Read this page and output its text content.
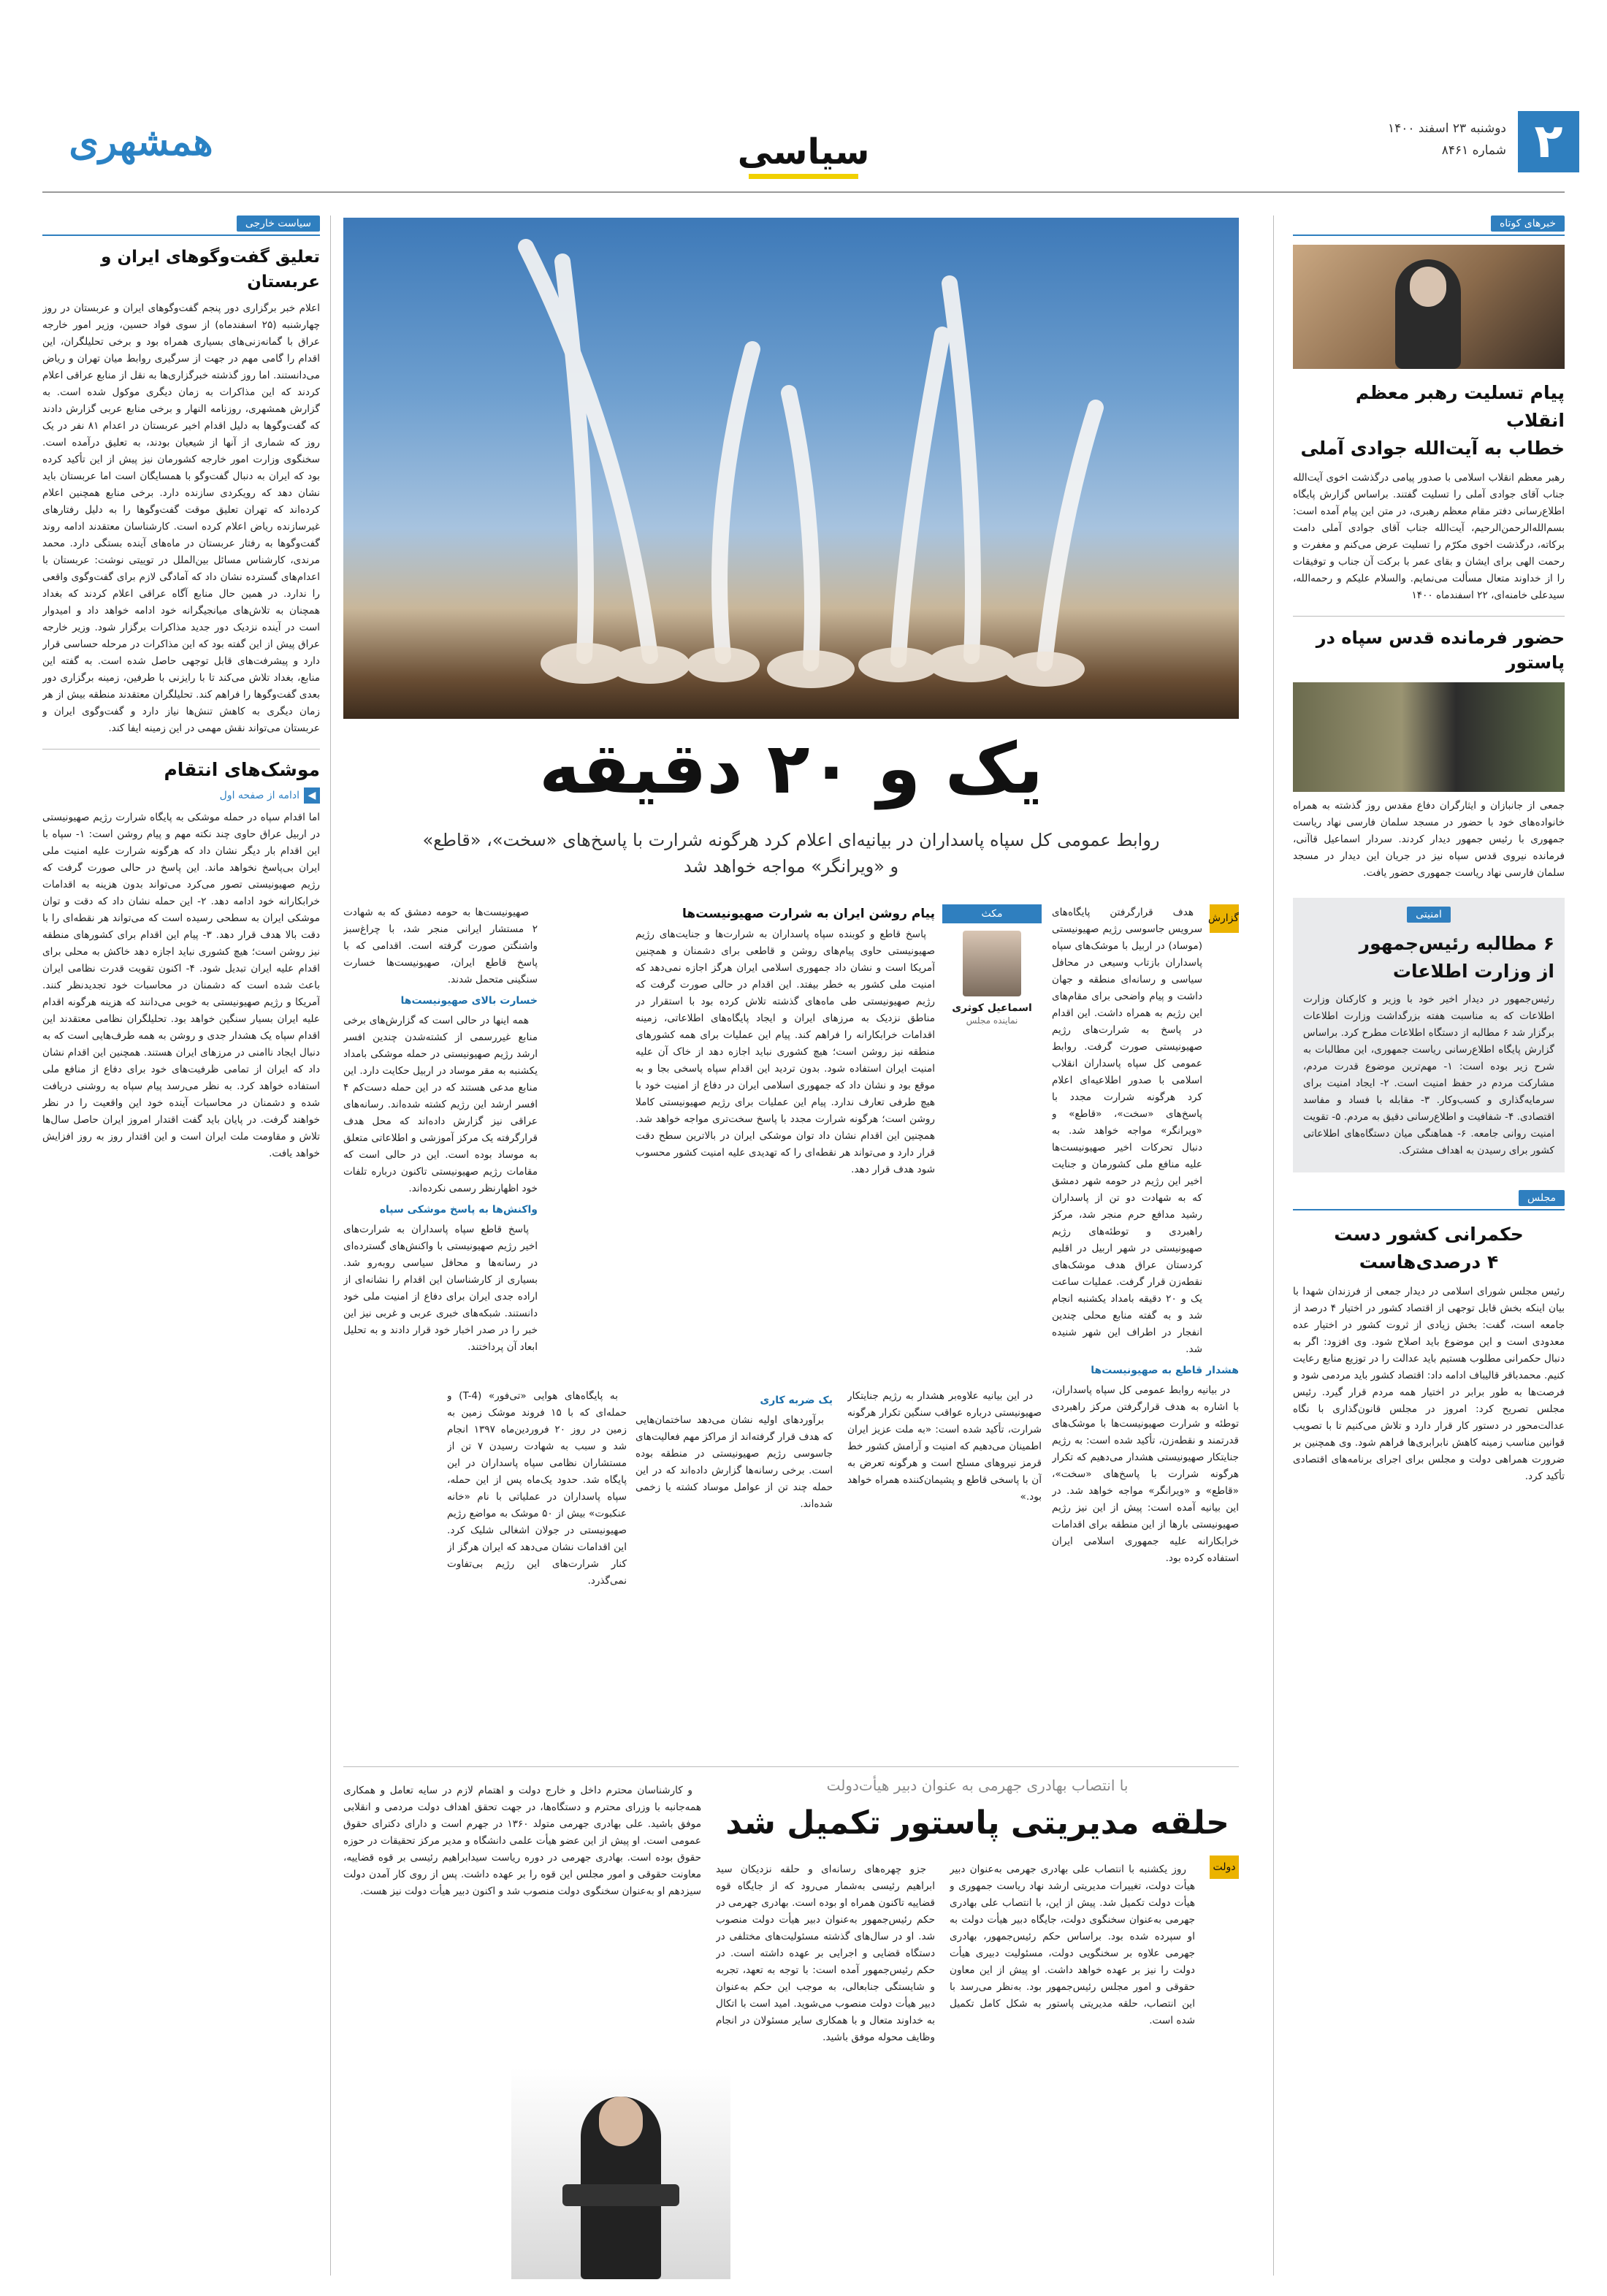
۲
دوشنبه ۲۳ اسفند ۱۴۰۰
شماره ۸۴۶۱
سیاسی
همشهری
خبرهای کوتاه
پیام تسلیت رهبر معظم انقلاب
خطاب به آیت‌الله جوادی آملی
رهبر معظم انقلاب اسلامی با صدور پیامی درگذشت اخوی آیت‌الله جناب آقای جوادی آملی را تسلیت گفتند. براساس گزارش پایگاه اطلاع‌رسانی دفتر مقام معظم رهبری، در متن این پیام آمده است: بسم‌الله‌الرحمن‌الرحیم، آیت‌الله جناب آقای جوادی آملی دامت برکاته، درگذشت اخوی مکرّم را تسلیت عرض می‌کنم و مغفرت و رحمت الهی برای ایشان و بقای عمر با برکت آن جناب و توفیقات را از خداوند متعال مسألت می‌نمایم. والسلام علیکم و رحمه‌الله، سیدعلی خامنه‌ای، ۲۲ اسفندماه ۱۴۰۰
حضور فرمانده قدس سپاه در پاستور
جمعی از جانبازان و ایثارگران دفاع مقدس روز گذشته به همراه خانواده‌های خود با حضور در مسجد سلمان فارسی نهاد ریاست جمهوری با رئیس جمهور دیدار کردند. سردار اسماعیل قاآنی، فرمانده نیروی قدس سپاه نیز در جریان این دیدار در مسجد سلمان فارسی نهاد ریاست جمهوری حضور یافت.
امنیتی
۶ مطالبه رئیس‌جمهور
از وزارت اطلاعات
رئیس‌جمهور در دیدار اخیر خود با وزیر و کارکنان وزارت اطلاعات که به مناسبت هفته بزرگداشت وزارت اطلاعات برگزار شد ۶ مطالبه از دستگاه اطلاعات مطرح کرد. براساس گزارش پایگاه اطلاع‌رسانی ریاست جمهوری، این مطالبات به شرح زیر بوده است: ۱- مهم‌ترین موضوع قدرت مردم، مشارکت مردم در حفظ امنیت است. ۲- ایجاد امنیت برای سرمایه‌گذاری و کسب‌وکار. ۳- مقابله با فساد و مفاسد اقتصادی. ۴- شفافیت و اطلاع‌رسانی دقیق به مردم. ۵- تقویت امنیت روانی جامعه. ۶- هماهنگی میان دستگاه‌های اطلاعاتی کشور برای رسیدن به اهداف مشترک.
مجلس
حکمرانی کشور دست
۴ درصدی‌هاست
رئیس مجلس شورای اسلامی در دیدار جمعی از فرزندان شهدا با بیان اینکه بخش قابل توجهی از اقتصاد کشور در اختیار ۴ درصد از جامعه است، گفت: بخش زیادی از ثروت کشور در اختیار عده معدودی است و این موضوع باید اصلاح شود. وی افزود: اگر به دنبال حکمرانی مطلوب هستیم باید عدالت را در توزیع منابع رعایت کنیم. محمدباقر قالیباف ادامه داد: اقتصاد کشور باید مردمی شود و فرصت‌ها به طور برابر در اختیار همه مردم قرار گیرد. رئیس مجلس تصریح کرد: امروز در مجلس قانون‌گذاری با نگاه عدالت‌محور در دستور کار قرار دارد و تلاش می‌کنیم تا با تصویب قوانین مناسب زمینه کاهش نابرابری‌ها فراهم شود. وی همچنین بر ضرورت همراهی دولت و مجلس برای اجرای برنامه‌های اقتصادی تأکید کرد.
یک و ۲۰ دقیقه
روابط عمومی کل سپاه پاسداران در بیانیه‌ای اعلام کرد هرگونه شرارت با پاسخ‌های «سخت»، «قاطع»
و «ویرانگر» مواجه خواهد شد
گزارش

هدف قرارگرفتن پایگاه‌های سرویس جاسوسی رژیم صهیونیستی (موساد) در اربیل با موشک‌های سپاه پاسداران بازتاب وسیعی در محافل سیاسی و رسانه‌ای منطقه و جهان داشت و پیام واضحی برای مقام‌های این رژیم به همراه داشت. این اقدام در پاسخ به شرارت‌های رژیم صهیونیستی صورت گرفت. روابط عمومی کل سپاه پاسداران انقلاب اسلامی با صدور اطلاعیه‌ای اعلام کرد هرگونه شرارت مجدد با پاسخ‌های «سخت»، «قاطع» و «ویرانگر» مواجه خواهد شد. به دنبال تحرکات اخیر صهیونیست‌ها علیه منافع ملی کشورمان و جنایت اخیر این رژیم در حومه شهر دمشق که به شهادت دو تن از پاسداران رشید مدافع حرم منجر شد، مرکز راهبردی و توطئه‌های رژیم صهیونیستی در شهر اربیل در اقلیم کردستان عراق هدف موشک‌های نقطه‌زن قرار گرفت. عملیات ساعت یک و ۲۰ دقیقه بامداد یکشنبه انجام شد و به گفته منابع محلی چندین انفجار در اطراف این شهر شنیده شد.

هشدار قاطع به صهیونیست‌ها

در بیانیه روابط عمومی کل سپاه پاسداران، با اشاره به هدف قرارگرفتن مرکز راهبردی توطئه و شرارت صهیونیست‌ها با موشک‌های قدرتمند و نقطه‌زن، تأکید شده است: به رژیم جنایتکار صهیونیستی هشدار می‌دهیم که تکرار هرگونه شرارت با پاسخ‌های «سخت»، «قاطع» و «ویرانگر» مواجه خواهد شد. در این بیانیه آمده است: پیش از این نیز رژیم صهیونیستی بارها از این منطقه برای اقدامات خرابکارانه علیه جمهوری اسلامی ایران استفاده کرده بود.

در این بیانیه علاوه‌بر هشدار به رژیم جنایتکار صهیونیستی درباره عواقب سنگین تکرار هرگونه شرارت، تأکید شده است: «به ملت عزیز ایران اطمینان می‌دهیم که امنیت و آرامش کشور خط قرمز نیروهای مسلح است و هرگونه تعرض به آن با پاسخی قاطع و پشیمان‌کننده همراه خواهد بود.»

مکث
اسماعیل کوثری
نماینده مجلس
پیام روشن ایران به شرارت صهیونیست‌ها

پاسخ قاطع و کوبنده سپاه پاسداران به شرارت‌ها و جنایت‌های رژیم صهیونیستی حاوی پیام‌های روشن و قاطعی برای دشمنان و همچنین آمریکا است و نشان داد جمهوری اسلامی ایران هرگز اجازه نمی‌دهد که امنیت ملی کشور به خطر بیفتد. این اقدام در حالی صورت گرفت که رژیم صهیونیستی طی ماه‌های گذشته تلاش کرده بود با استقرار در مناطق نزدیک به مرزهای ایران و ایجاد پایگاه‌های اطلاعاتی، زمینه اقدامات خرابکارانه را فراهم کند. پیام این عملیات برای همه کشورهای منطقه نیز روشن است؛ هیچ کشوری نباید اجازه دهد از خاک آن علیه امنیت ایران استفاده شود. بدون تردید این اقدام سپاه پاسخی بجا و به موقع بود و نشان داد که جمهوری اسلامی ایران در دفاع از امنیت خود با هیچ طرفی تعارف ندارد. پیام این عملیات برای رژیم صهیونیستی کاملا روشن است؛ هرگونه شرارت مجدد با پاسخ سخت‌تری مواجه خواهد شد. همچنین این اقدام نشان داد توان موشکی ایران در بالاترین سطح دقت قرار دارد و می‌تواند هر نقطه‌ای را که تهدیدی علیه امنیت کشور محسوب شود هدف قرار دهد.

یک ضربه کاری

برآوردهای اولیه نشان می‌دهد ساختمان‌هایی که هدف قرار گرفته‌اند از مراکز مهم فعالیت‌های جاسوسی رژیم صهیونیستی در منطقه بوده است. برخی رسانه‌ها گزارش داده‌اند که در این حمله چند تن از عوامل موساد کشته یا زخمی شده‌اند.

به پایگاه‌های هوایی «تی‌فور» (T-4) و حمله‌ای که با ۱۵ فروند موشک زمین به زمین در روز ۲۰ فروردین‌ماه ۱۳۹۷ انجام شد و سبب به شهادت رسیدن ۷ تن از مستشاران نظامی سپاه پاسداران در این پایگاه شد. حدود یک‌ماه پس از این حمله، سپاه پاسداران در عملیاتی با نام «خانه عنکبوت» بیش از ۵۰ موشک به مواضع رژیم صهیونیستی در جولان اشغالی شلیک کرد. این اقدامات نشان می‌دهد که ایران هرگز از کنار شرارت‌های این رژیم بی‌تفاوت نمی‌گذرد.

صهیونیست‌ها به حومه دمشق که به شهادت ۲ مستشار ایرانی منجر شد، با چراغ‌سبز واشنگتن صورت گرفته است. اقدامی که با پاسخ قاطع ایران، صهیونیست‌ها خسارت سنگینی متحمل شدند.

خسارت بالای صهیونیست‌ها

همه اینها در حالی است که گزارش‌های برخی منابع غیررسمی از کشته‌شدن چندین افسر ارشد رژیم صهیونیستی در حمله موشکی بامداد یکشنبه به مقر موساد در اربیل حکایت دارد. این منابع مدعی هستند که در این حمله دست‌کم ۴ افسر ارشد این رژیم کشته شده‌اند. رسانه‌های عراقی نیز گزارش داده‌اند که محل هدف قرارگرفته یک مرکز آموزشی و اطلاعاتی متعلق به موساد بوده است. این در حالی است که مقامات رژیم صهیونیستی تاکنون درباره تلفات خود اظهارنظر رسمی نکرده‌اند.

واکنش‌ها به پاسخ موشکی سپاه

پاسخ قاطع سپاه پاسداران به شرارت‌های اخیر رژیم صهیونیستی با واکنش‌های گسترده‌ای در رسانه‌ها و محافل سیاسی روبه‌رو شد. بسیاری از کارشناسان این اقدام را نشانه‌ای از اراده جدی ایران برای دفاع از امنیت ملی خود دانستند. شبکه‌های خبری عربی و غربی نیز این خبر را در صدر اخبار خود قرار دادند و به تحلیل ابعاد آن پرداختند.

دولت
با انتصاب بهادری جهرمی به عنوان دبیر هیأت‌دولت
حلقه مدیریتی پاستور تکمیل شد

روز یکشنبه با انتصاب علی بهادری جهرمی به‌عنوان دبیر هیأت دولت، تغییرات مدیریتی ارشد نهاد ریاست جمهوری و هیأت دولت تکمیل شد. پیش از این، با انتصاب علی بهادری جهرمی به‌عنوان سخنگوی دولت، جایگاه دبیر هیأت دولت به او سپرده شده بود. براساس حکم رئیس‌جمهور، بهادری جهرمی علاوه بر سخنگویی دولت، مسئولیت دبیری هیأت دولت را نیز بر عهده خواهد داشت. او پیش از این معاون حقوقی و امور مجلس رئیس‌جمهور بود. به‌نظر می‌رسد با این انتصاب، حلقه مدیریتی پاستور به شکل کامل تکمیل شده است.

جزو چهره‌های رسانه‌ای و حلقه نزدیکان سید ابراهیم رئیسی به‌شمار می‌رود که از جایگاه قوه قضاییه تاکنون همراه او بوده است. بهادری جهرمی در حکم رئیس‌جمهور به‌عنوان دبیر هیأت دولت منصوب شد. او در سال‌های گذشته مسئولیت‌های مختلفی در دستگاه قضایی و اجرایی بر عهده داشته است. در حکم رئیس‌جمهور آمده است: با توجه به تعهد، تجربه و شایستگی جنابعالی، به موجب این حکم به‌عنوان دبیر هیأت دولت منصوب می‌شوید. امید است با اتکال به خداوند متعال و با همکاری سایر مسئولان در انجام وظایف محوله موفق باشید.

و کارشناسان محترم داخل و خارج دولت و اهتمام لازم در سایه تعامل و همکاری همه‌جانبه با وزرای محترم و دستگاه‌ها، در جهت تحقق اهداف دولت مردمی و انقلابی موفق باشید. علی بهادری جهرمی متولد ۱۳۶۰ در جهرم است و دارای دکترای حقوق عمومی است. او پیش از این عضو هیأت علمی دانشگاه و مدیر مرکز تحقیقات در حوزه حقوق بوده است. بهادری جهرمی در دوره ریاست سیدابراهیم رئیسی بر قوه قضاییه، معاونت حقوقی و امور مجلس این قوه را بر عهده داشت. پس از روی کار آمدن دولت سیزدهم او به‌عنوان سخنگوی دولت منصوب شد و اکنون دبیر هیأت دولت نیز هست.

سیاست خارجی
تعلیق گفت‌وگوهای ایران و عربستان
اعلام خبر برگزاری دور پنجم گفت‌وگوهای ایران و عربستان در روز چهارشنبه (۲۵ اسفندماه) از سوی فواد حسین، وزیر امور خارجه عراق با گمانه‌زنی‌های بسیاری همراه بود و برخی تحلیلگران، این اقدام را گامی مهم در جهت از سرگیری روابط میان تهران و ریاض می‌دانستند. اما روز گذشته خبرگزاری‌ها به نقل از منابع عراقی اعلام کردند که این مذاکرات به زمان دیگری موکول شده است. به گزارش همشهری، روزنامه النهار و برخی منابع عربی گزارش دادند که گفت‌وگوها به دلیل اقدام اخیر عربستان در اعدام ۸۱ نفر در یک روز که شماری از آنها از شیعیان بودند، به تعلیق درآمده است. سخنگوی وزارت امور خارجه کشورمان نیز پیش از این تأکید کرده بود که ایران به دنبال گفت‌وگو با همسایگان است اما عربستان باید نشان دهد که رویکردی سازنده دارد. برخی منابع همچنین اعلام کرده‌اند که تهران تعلیق موقت گفت‌وگوها را به دلیل رفتارهای غیرسازنده ریاض اعلام کرده است. کارشناسان معتقدند ادامه روند گفت‌وگوها به رفتار عربستان در ماه‌های آینده بستگی دارد. محمد مرندی، کارشناس مسائل بین‌الملل در توییتی نوشت: عربستان با اعدام‌های گسترده نشان داد که آمادگی لازم برای گفت‌وگوی واقعی را ندارد. در همین حال منابع آگاه عراقی اعلام کردند که بغداد همچنان به تلاش‌های میانجیگرانه خود ادامه خواهد داد و امیدوار است در آینده نزدیک دور جدید مذاکرات برگزار شود. وزیر خارجه عراق پیش از این گفته بود که این مذاکرات در مرحله حساسی قرار دارد و پیشرفت‌های قابل توجهی حاصل شده است. به گفته این منابع، بغداد تلاش می‌کند تا با رایزنی با طرفین، زمینه برگزاری دور بعدی گفت‌وگوها را فراهم کند. تحلیلگران معتقدند منطقه بیش از هر زمان دیگری به کاهش تنش‌ها نیاز دارد و گفت‌وگوی ایران و عربستان می‌تواند نقش مهمی در این زمینه ایفا کند.
موشک‌های انتقام
◀
ادامه از صفحه اول
اما اقدام سپاه در حمله موشکی به پایگاه شرارت رژیم صهیونیستی در اربیل عراق حاوی چند نکته مهم و پیام روشن است: ۱- سپاه با این اقدام بار دیگر نشان داد که هرگونه شرارت علیه امنیت ملی ایران بی‌پاسخ نخواهد ماند. این پاسخ در حالی صورت گرفت که رژیم صهیونیستی تصور می‌کرد می‌تواند بدون هزینه به اقدامات خرابکارانه خود ادامه دهد. ۲- این حمله نشان داد که دقت و توان موشکی ایران به سطحی رسیده است که می‌تواند هر نقطه‌ای را با دقت بالا هدف قرار دهد. ۳- پیام این اقدام برای کشورهای منطقه نیز روشن است؛ هیچ کشوری نباید اجازه دهد خاکش به محلی برای اقدام علیه ایران تبدیل شود. ۴- اکنون تقویت قدرت نظامی ایران باعث شده است که دشمنان در محاسبات خود تجدیدنظر کنند. آمریکا و رژیم صهیونیستی به خوبی می‌دانند که هزینه هرگونه اقدام علیه ایران بسیار سنگین خواهد بود. تحلیلگران نظامی معتقدند این اقدام سپاه یک هشدار جدی و روشن به همه طرف‌هایی است که به دنبال ایجاد ناامنی در مرزهای ایران هستند. همچنین این اقدام نشان داد که ایران از تمامی ظرفیت‌های خود برای دفاع از منافع ملی استفاده خواهد کرد. به نظر می‌رسد پیام سپاه به روشنی دریافت شده و دشمنان در محاسبات آینده خود این واقعیت را در نظر خواهند گرفت. در پایان باید گفت اقتدار امروز ایران حاصل سال‌ها تلاش و مقاومت ملت ایران است و این اقتدار روز به روز افزایش خواهد یافت.
